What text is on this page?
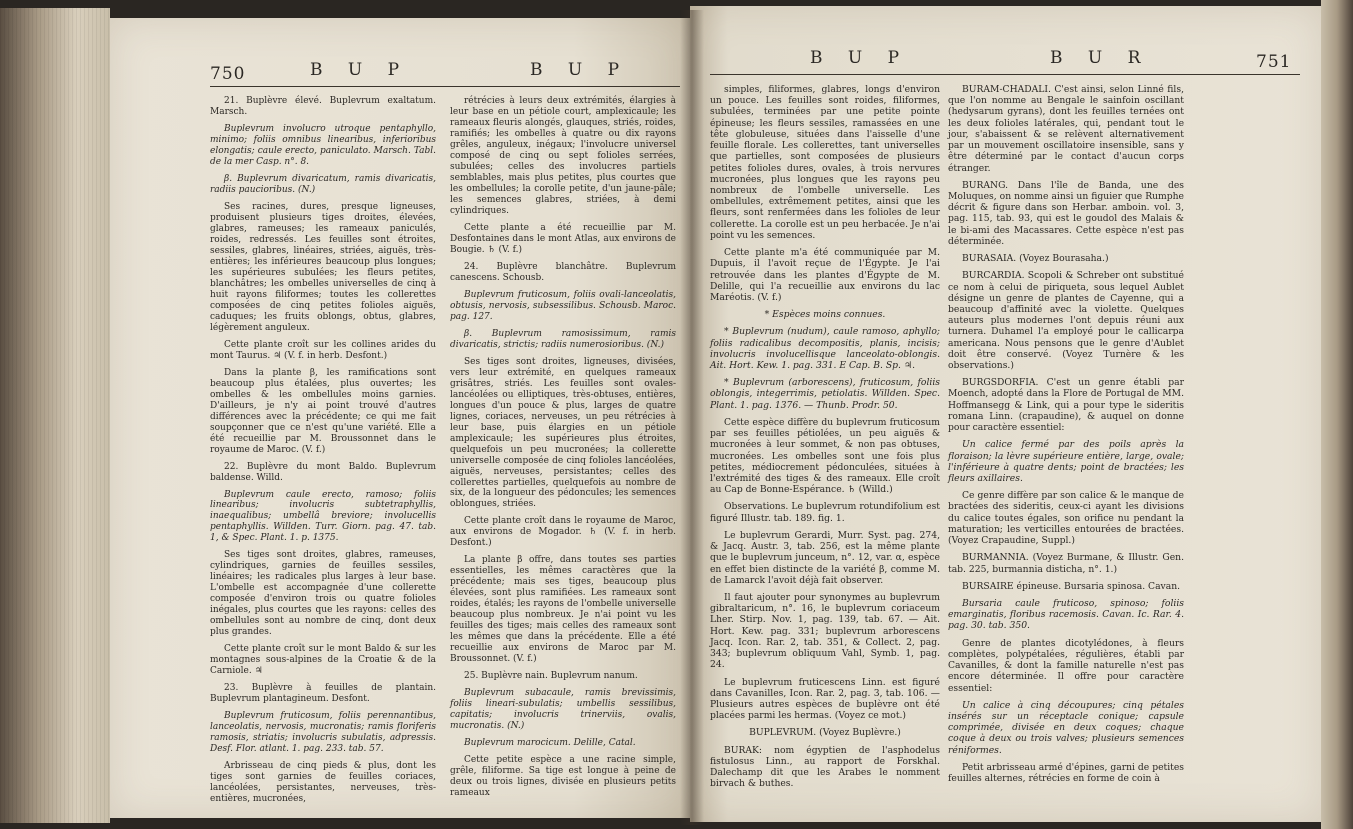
750	B U P	B U P

21. Buplèvre élevé. Buplevrum exaltatum. Marsch.

Buplevrum involucro utroque pentaphyllo, minimo; foliis omnibus linearibus, inferioribus elongatis; caule erecto, paniculato. Marsch. Tabl. de la mer Casp. n°. 8.

β. Buplevrum divaricatum, ramis divaricatis, radiis paucioribus. (N.)

Ses racines, dures, presque ligneuses, produisent plusieurs tiges droites, élevées, glabres, rameuses; les rameaux paniculés, roides, redressés. Les feuilles sont étroites, sessiles, glabres, linéaires, striées, aiguës, très-entières; les inférieures beaucoup plus longues; les supérieures subulées; les fleurs petites, blanchâtres; les ombelles universelles de cinq à huit rayons filiformes; toutes les collerettes composées de cinq petites folioles aiguës, caduques; les fruits oblongs, obtus, glabres, légèrement anguleux.

Cette plante croît sur les collines arides du mont Taurus. ♃ (V. f. in herb. Desfont.)

Dans la plante β, les ramifications sont beaucoup plus étalées, plus ouvertes; les ombelles & les ombellules moins garnies. D'ailleurs, je n'y ai point trouvé d'autres différences avec la précédente; ce qui me fait soupçonner que ce n'est qu'une variété. Elle a été recueillie par M. Broussonnet dans le royaume de Maroc. (V. f.)

22. Buplèvre du mont Baldo. Buplevrum baldense. Willd.

Buplevrum caule erecto, ramoso; foliis linearibus; involucris subtetraphyllis, inaequalibus; umbellâ breviore; involucellis pentaphyllis. Willden. Turr. Giorn. pag. 47. tab. 1, & Spec. Plant. 1. p. 1375.

Ses tiges sont droites, glabres, rameuses, cylindriques, garnies de feuilles sessiles, linéaires; les radicales plus larges à leur base. L'ombelle est accompagnée d'une collerette composée d'environ trois ou quatre folioles inégales, plus courtes que les rayons: celles des ombellules sont au nombre de cinq, dont deux plus grandes.

Cette plante croît sur le mont Baldo & sur les montagnes sous-alpines de la Croatie & de la Carniole. ♃

23. Buplèvre à feuilles de plantain. Buplevrum plantagineum. Desfont.

Buplevrum fruticosum, foliis perennantibus, lanceolatis, nervosis, mucronatis; ramis floriferis ramosis, striatis; involucris subulatis, adpressis. Desf. Flor. atlant. 1. pag. 233. tab. 57.

Arbrisseau de cinq pieds & plus, dont les tiges sont garnies de feuilles coriaces, lancéolées, persistantes, nerveuses, très-entières, mucronées,

rétrécies à leurs deux extrémités, élargies à leur base en un pétiole court, amplexicaule; les rameaux fleuris alongés, glauques, striés, roides, ramifiés; les ombelles à quatre ou dix rayons grêles, anguleux, inégaux; l'involucre universel composé de cinq ou sept folioles serrées, subulées; celles des involucres partiels semblables, mais plus petites, plus courtes que les ombellules; la corolle petite, d'un jaune-pâle; les semences glabres, striées, à demi cylindriques.

Cette plante a été recueillie par M. Desfontaines dans le mont Atlas, aux environs de Bougie. ♄ (V. f.)

24. Buplèvre blanchâtre. Buplevrum canescens. Schousb.

Buplevrum fruticosum, foliis ovali-lanceolatis, obtusis, nervosis, subsessilibus. Schousb. Maroc. pag. 127.

β. Buplevrum ramosissimum, ramis divaricatis, strictis; radiis numerosioribus. (N.)

Ses tiges sont droites, ligneuses, divisées, vers leur extrémité, en quelques rameaux grisâtres, striés. Les feuilles sont ovales-lancéolées ou elliptiques, très-obtuses, entières, longues d'un pouce & plus, larges de quatre lignes, coriaces, nerveuses, un peu rétrécies à leur base, puis élargies en un pétiole amplexicaule; les supérieures plus étroites, quelquefois un peu mucronées; la collerette universelle composée de cinq folioles lancéolées, aiguës, nerveuses, persistantes; celles des collerettes partielles, quelquefois au nombre de six, de la longueur des pédoncules; les semences oblongues, striées.

Cette plante croît dans le royaume de Maroc, aux environs de Mogador. ♄ (V. f. in herb. Desfont.)

La plante β offre, dans toutes ses parties essentielles, les mêmes caractères que la précédente; mais ses tiges, beaucoup plus élevées, sont plus ramifiées. Les rameaux sont roides, étalés; les rayons de l'ombelle universelle beaucoup plus nombreux. Je n'ai point vu les feuilles des tiges; mais celles des rameaux sont les mêmes que dans la précédente. Elle a été recueillie aux environs de Maroc par M. Broussonnet. (V. f.)

25. Buplèvre nain. Buplevrum nanum.

Buplevrum subacaule, ramis brevissimis, foliis lineari-subulatis; umbellis sessilibus, capitatis; involucris trinerviis, ovalis, mucronatis. (N.)

Buplevrum marocicum. Delille, Catal.

Cette petite espèce a une racine simple, grêle, filiforme. Sa tige est longue à peine de deux ou trois lignes, divisée en plusieurs petits rameaux

B U P	B U R	751

simples, filiformes, glabres, longs d'environ un pouce. Les feuilles sont roides, filiformes, subulées, terminées par une petite pointe épineuse; les fleurs sessiles, ramassées en une tête globuleuse, situées dans l'aisselle d'une feuille florale. Les collerettes, tant universelles que partielles, sont composées de plusieurs petites folioles dures, ovales, à trois nervures mucronées, plus longues que les rayons peu nombreux de l'ombelle universelle. Les ombellules, extrêmement petites, ainsi que les fleurs, sont renfermées dans les folioles de leur collerette. La corolle est un peu herbacée. Je n'ai point vu les semences.

Cette plante m'a été communiquée par M. Dupuis, il l'avoit reçue de l'Égypte. Je l'ai retrouvée dans les plantes d'Égypte de M. Delille, qui l'a recueillie aux environs du lac Maréotis. (V. f.)

* Espèces moins connues.

* Buplevrum (nudum), caule ramoso, aphyllo; foliis radicalibus decompositis, planis, incisis; involucris involucellisque lanceolato-oblongis. Ait. Hort. Kew. 1. pag. 331. E Cap. B. Sp. ♃.

* Buplevrum (arborescens), fruticosum, foliis oblongis, integerrimis, petiolatis. Willden. Spec. Plant. 1. pag. 1376. — Thunb. Prodr. 50.

Cette espèce diffère du buplevrum fruticosum par ses feuilles pétiolées, un peu aiguës & mucronées à leur sommet, & non pas obtuses, mucronées. Les ombelles sont une fois plus petites, médiocrement pédonculées, situées à l'extrémité des tiges & des rameaux. Elle croît au Cap de Bonne-Espérance. ♄ (Willd.)

Observations. Le buplevrum rotundifolium est figuré Illustr. tab. 189. fig. 1.

Le buplevrum Gerardi, Murr. Syst. pag. 274, & Jacq. Austr. 3, tab. 256, est la même plante que le buplevrum junceum, n°. 12, var. α, espèce en effet bien distincte de la variété β, comme M. de Lamarck l'avoit déjà fait observer.

Il faut ajouter pour synonymes au buplevrum gibraltaricum, n°. 16, le buplevrum coriaceum Lher. Stirp. Nov. 1, pag. 139, tab. 67. — Ait. Hort. Kew. pag. 331; buplevrum arborescens Jacq. Icon. Rar. 2, tab. 351, & Collect. 2, pag. 343; buplevrum obliquum Vahl, Symb. 1, pag. 24.

Le buplevrum fruticescens Linn. est figuré dans Cavanilles, Icon. Rar. 2, pag. 3, tab. 106. — Plusieurs autres espèces de buplèvre ont été placées parmi les hermas. (Voyez ce mot.)

BUPLEVRUM. (Voyez Buplèvre.)

BURAK: nom égyptien de l'asphodelus fistulosus Linn., au rapport de Forskhal. Dalechamp dit que les Arabes le nomment birvach & buthes.

BURAM-CHADALI. C'est ainsi, selon Linné fils, que l'on nomme au Bengale le sainfoin oscillant (hedysarum gyrans), dont les feuilles ternées ont les deux folioles latérales, qui, pendant tout le jour, s'abaissent & se relèvent alternativement par un mouvement oscillatoire insensible, sans y être déterminé par le contact d'aucun corps étranger.

BURANG. Dans l'île de Banda, une des Moluques, on nomme ainsi un figuier que Rumphe décrit & figure dans son Herbar. amboin. vol. 3, pag. 115, tab. 93, qui est le goudol des Malais & le bi-ami des Macassares. Cette espèce n'est pas déterminée.

BURASAIA. (Voyez Bourasaha.)

BURCARDIA. Scopoli & Schreber ont substitué ce nom à celui de piriqueta, sous lequel Aublet désigne un genre de plantes de Cayenne, qui a beaucoup d'affinité avec la violette. Quelques auteurs plus modernes l'ont depuis réuni aux turnera. Duhamel l'a employé pour le callicarpa americana. Nous pensons que le genre d'Aublet doit être conservé. (Voyez Turnère & les observations.)

BURGSDORFIA. C'est un genre établi par Moench, adopté dans la Flore de Portugal de MM. Hoffmansegg & Link, qui a pour type le sideritis romana Linn. (crapaudine), & auquel on donne pour caractère essentiel:

Un calice fermé par des poils après la floraison; la lèvre supérieure entière, large, ovale; l'inférieure à quatre dents; point de bractées; les fleurs axillaires.

Ce genre diffère par son calice & le manque de bractées des sideritis, ceux-ci ayant les divisions du calice toutes égales, son orifice nu pendant la maturation; les verticilles entourées de bractées. (Voyez Crapaudine, Suppl.)

BURMANNIA. (Voyez Burmane, & Illustr. Gen. tab. 225, burmannia disticha, n°. 1.)

BURSAIRE épineuse. Bursaria spinosa. Cavan.

Bursaria caule fruticoso, spinoso; foliis emarginatis, floribus racemosis. Cavan. Ic. Rar. 4. pag. 30. tab. 350.

Genre de plantes dicotylédones, à fleurs complètes, polypétalées, régulières, établi par Cavanilles, & dont la famille naturelle n'est pas encore déterminée. Il offre pour caractère essentiel:

Un calice à cinq découpures; cinq pétales insérés sur un réceptacle conique; capsule comprimée, divisée en deux coques; chaque coque à deux ou trois valves; plusieurs semences réniformes.

Petit arbrisseau armé d'épines, garni de petites feuilles alternes, rétrécies en forme de coin à
